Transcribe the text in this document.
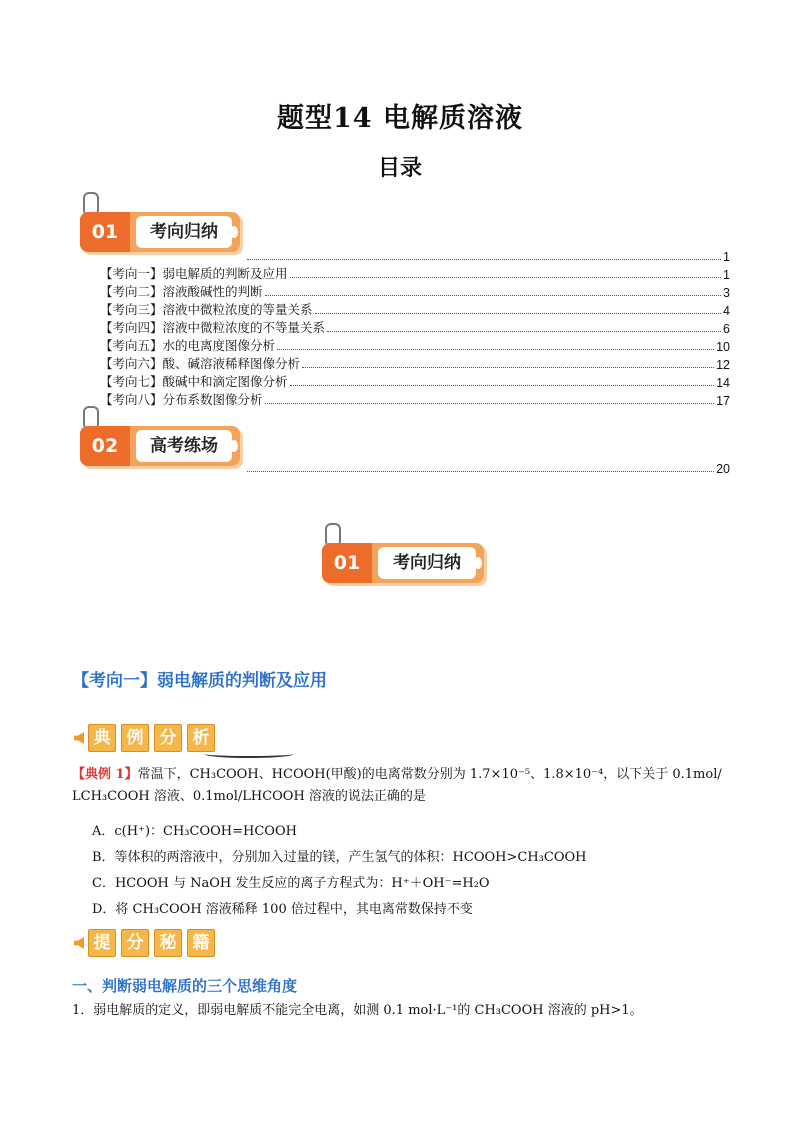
题型14 电解质溶液
目录
01	考向归纳
1
【考向一】弱电解质的判断及应用	1
【考向二】溶液酸碱性的判断	3
【考向三】溶液中微粒浓度的等量关系	4
【考向四】溶液中微粒浓度的不等量关系	6
【考向五】水的电离度图像分析	10
【考向六】酸、碱溶液稀释图像分析	12
【考向七】酸碱中和滴定图像分析	14
【考向八】分布系数图像分析	17
02	高考练场
20
01	考向归纳
【考向一】弱电解质的判断及应用
典 例 分 析
【典例 1】常温下，CH₃COOH、HCOOH(甲酸)的电离常数分别为 1.7×10⁻⁵、1.8×10⁻⁴，以下关于 0.1mol/
LCH₃COOH 溶液、0.1mol/LHCOOH 溶液的说法正确的是
A．c(H⁺)：CH₃COOH=HCOOH
B．等体积的两溶液中，分别加入过量的镁，产生氢气的体积：HCOOH>CH₃COOH
C．HCOOH 与 NaOH 发生反应的离子方程式为：H⁺＋OH⁻=H₂O
D．将 CH₃COOH 溶液稀释 100 倍过程中，其电离常数保持不变
提 分 秘 籍
一、判断弱电解质的三个思维角度
1．弱电解质的定义，即弱电解质不能完全电离，如测 0.1 mol·L⁻¹的 CH₃COOH 溶液的 pH>1。
